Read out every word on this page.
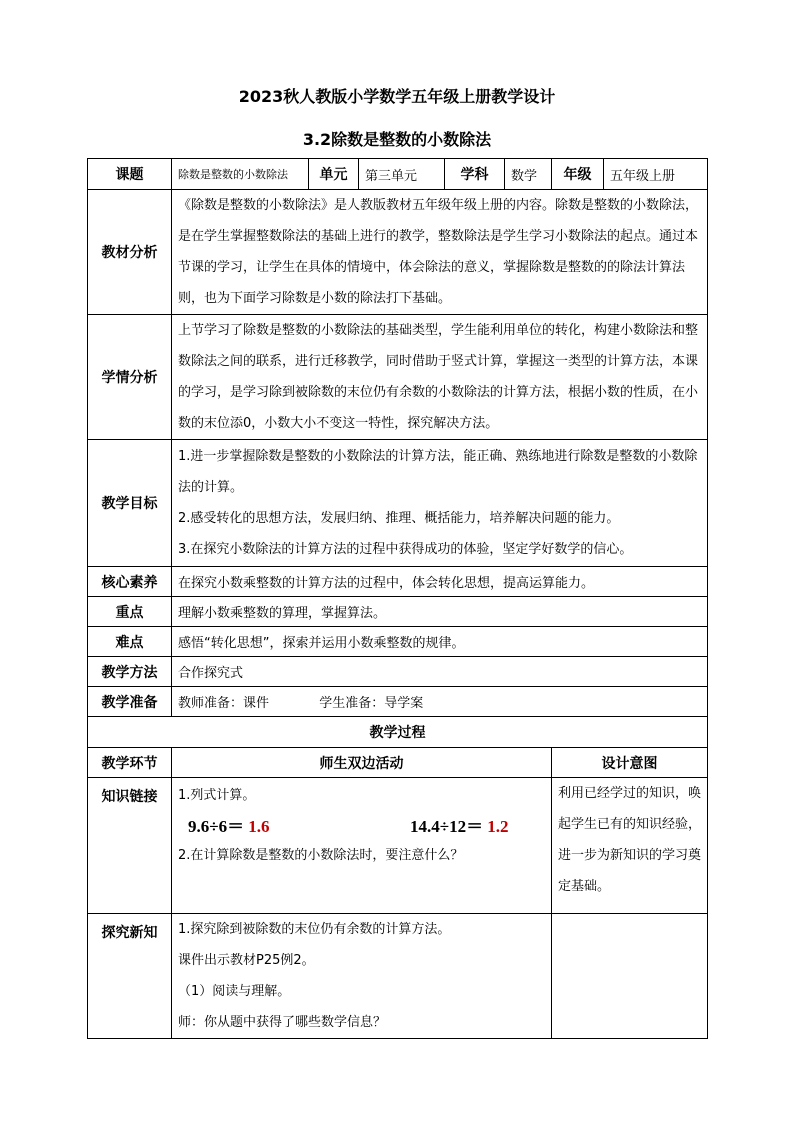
2023秋人教版小学数学五年级上册教学设计
3.2除数是整数的小数除法
课题	除数是整数的小数除法	单元	第三单元	学科	数学	年级	五年级上册
教材分析	《除数是整数的小数除法》是人教版教材五年级年级上册的内容。除数是整数的小数除法，是在学生掌握整数除法的基础上进行的教学，整数除法是学生学习小数除法的起点。通过本节课的学习，让学生在具体的情境中，体会除法的意义，掌握除数是整数的的除法计算法则，也为下面学习除数是小数的除法打下基础。						
学情分析	上节学习了除数是整数的小数除法的基础类型，学生能利用单位的转化，构建小数除法和整数除法之间的联系，进行迁移教学，同时借助于竖式计算，掌握这一类型的计算方法，本课的学习，是学习除到被除数的末位仍有余数的小数除法的计算方法，根据小数的性质，在小数的末位添0，小数大小不变这一特性，探究解决方法。						
教学目标	1.进一步掌握除数是整数的小数除法的计算方法，能正确、熟练地进行除数是整数的小数除法的计算。
2.感受转化的思想方法，发展归纳、推理、概括能力，培养解决问题的能力。
3.在探究小数除法的计算方法的过程中获得成功的体验，坚定学好数学的信心。						

核心素养	在探究小数乘整数的计算方法的过程中，体会转化思想，提高运算能力。						
重点	理解小数乘整数的算理，掌握算法。						
难点	感悟“转化思想”，探索并运用小数乘整数的规律。						
教学方法	合作探究式						
教学准备	教师准备：课件 学生准备：导学案						
教学过程							
教学环节	师生双边活动					设计意图	
知识链接	1.列式计算。
9.6÷6＝ 1.6 14.4÷12＝ 1.2
2.在计算除数是整数的小数除法时，要注意什么？					利用已经学过的知识，唤起学生已有的知识经验，进一步为新知识的学习奠定基础。	
探究新知	1.探究除到被除数的末位仍有余数的计算方法。
课件出示教材P25例2。
（1）阅读与理解。
师：你从题中获得了哪些数学信息？						
